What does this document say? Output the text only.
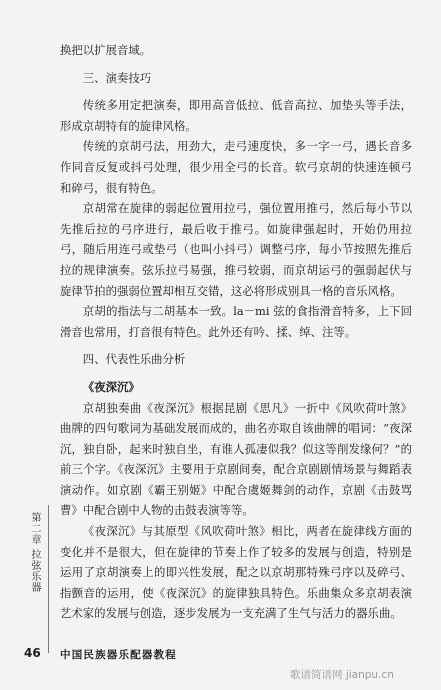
换把以扩展音域。

三、演奏技巧

传统多用定把演奏，即用高音低拉、低音高拉、加垫头等手法，形成京胡特有的旋律风格。

传统的京胡弓法，用劲大，走弓速度快，多一字一弓，遇长音多作同音反复或抖弓处理，很少用全弓的长音。软弓京胡的快速连顿弓和碎弓，很有特色。

京胡常在旋律的弱起位置用拉弓，强位置用推弓，然后每小节以先推后拉的弓序进行，最后收于推弓。如旋律强起时，开始仍用拉弓，随后用连弓或垫弓（也叫小抖弓）调整弓序，每小节按照先推后拉的规律演奏。弦乐拉弓易强，推弓较弱，而京胡运弓的强弱起伏与旋律节拍的强弱位置却相互交错，这必将形成别具一格的音乐风格。

京胡的指法与二胡基本一致。la－mi 弦的食指滑音特多，上下回滑音也常用，打音很有特色。此外还有吟、揉、绰、注等。

四、代表性乐曲分析

《夜深沉》

京胡独奏曲《夜深沉》根据昆剧《思凡》一折中《风吹荷叶煞》曲牌的四句歌词为基础发展而成的，曲名亦取自该曲牌的唱词：“夜深沉，独自卧，起来时独自坐，有谁人孤凄似我？似这等削发缘何？”的前三个字。《夜深沉》主要用于京剧间奏，配合京剧剧情场景与舞蹈表演动作。如京剧《霸王别姬》中配合虞姬舞剑的动作，京剧《击鼓骂曹》中配合剧中人物的击鼓表演等等。

《夜深沉》与其原型《风吹荷叶煞》相比，两者在旋律线方面的变化并不是很大，但在旋律的节奏上作了较多的发展与创造，特别是运用了京胡演奏上的即兴性发展，配之以京胡那特殊弓序以及碎弓、指颤音的运用，使《夜深沉》的旋律独具特色。乐曲集众多京胡表演艺术家的发展与创造，逐步发展为一支充满了生气与活力的器乐曲。

第二章 拉弦乐器
46 中国民族器乐配器教程
歌谱简谱网 jianpu.cn
